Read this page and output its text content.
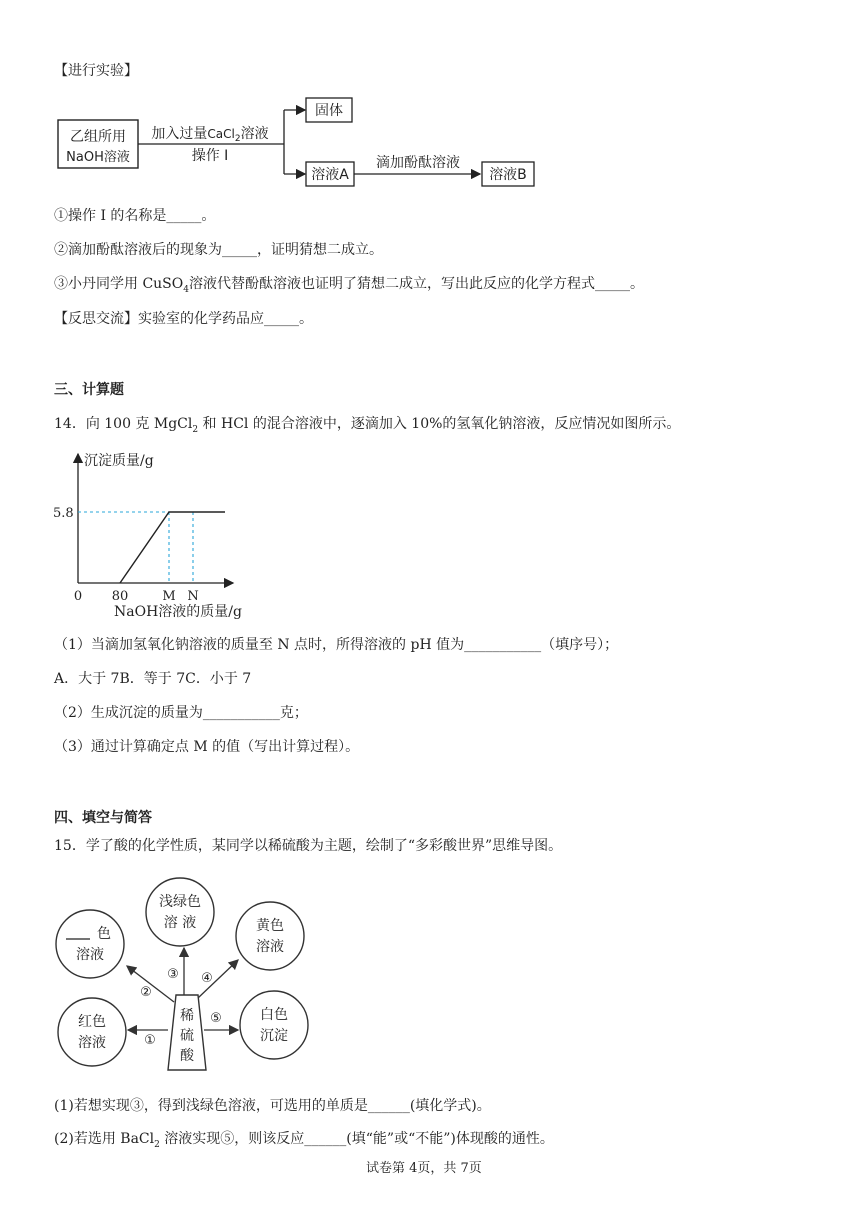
【进行实验】
乙组所用
NaOH溶液
加入过量CaCl$_2$溶液
操作 I
固体
溶液A
滴加酚酞溶液
溶液B
①操作 I 的名称是_____。
②滴加酚酞溶液后的现象为_____，证明猜想二成立。
③小丹同学用 CuSO$_4$溶液代替酚酞溶液也证明了猜想二成立，写出此反应的化学方程式_____。
【反思交流】实验室的化学药品应_____。
三、计算题
14．向 100 克 MgCl$_2$ 和 HCl 的混合溶液中，逐滴加入 10%的氢氧化钠溶液，反应情况如图所示。
沉淀质量/g
NaOH溶液的质量/g
5.8
0 80	M N
（1）当滴加氢氧化钠溶液的质量至 N 点时，所得溶液的 pH 值为___________（填序号）；
A．大于 7B．等于 7C．小于 7
（2）生成沉淀的质量为___________克；
（3）通过计算确定点 M 的值（写出计算过程）。
四、填空与简答
15．学了酸的化学性质，某同学以稀硫酸为主题，绘制了“多彩酸世界”思维导图。
稀
硫
酸
色
溶液
浅绿色
溶 液	黄色
溶液
红色
溶液
白色
沉淀
①
②
③ ④
⑤
(1)若想实现③，得到浅绿色溶液，可选用的单质是______(填化学式)。
(2)若选用 BaCl$_2$ 溶液实现⑤，则该反应______(填“能”或“不能”)体现酸的通性。
试卷第 4页，共 7页
